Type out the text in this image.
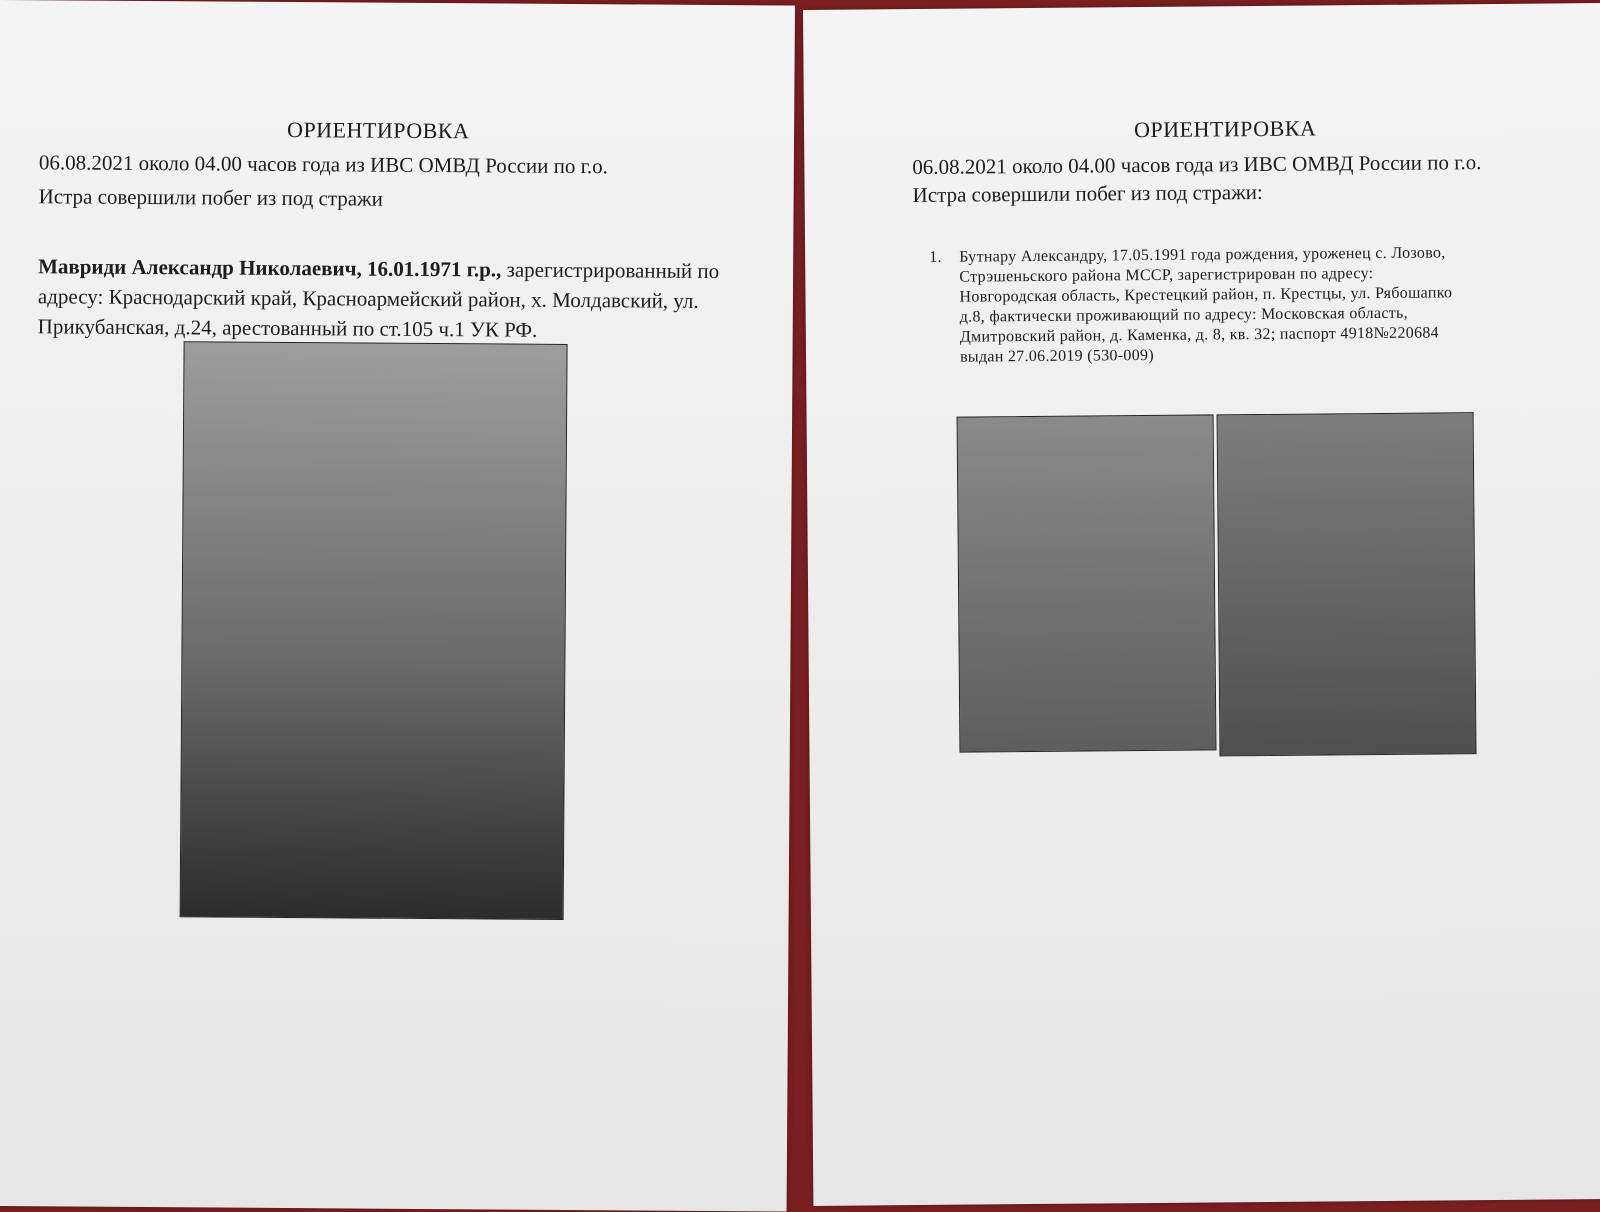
ОРИЕНТИРОВКА
06.08.2021 около 04.00 часов года из ИВС ОМВД России по г.о.
Истра совершили побег из под стражи
Мавриди Александр Николаевич, 16.01.1971 г.р., зарегистрированный по
адресу: Краснодарский край, Красноармейский район, х. Молдавский, ул.
Прикубанская, д.24, арестованный по ст.105 ч.1 УК РФ.
ОРИЕНТИРОВКА
06.08.2021 около 04.00 часов года из ИВС ОМВД России по г.о.
Истра совершили побег из под стражи:
1. Бутнару Александру, 17.05.1991 года рождения, уроженец с. Лозово,
Стрэшеньского района МССР, зарегистрирован по адресу:
Новгородская область, Крестецкий район, п. Крестцы, ул. Рябошапко
д.8, фактически проживающий по адресу: Московская область,
Дмитровский район, д. Каменка, д. 8, кв. 32; паспорт 4918№220684
выдан 27.06.2019 (530-009)
